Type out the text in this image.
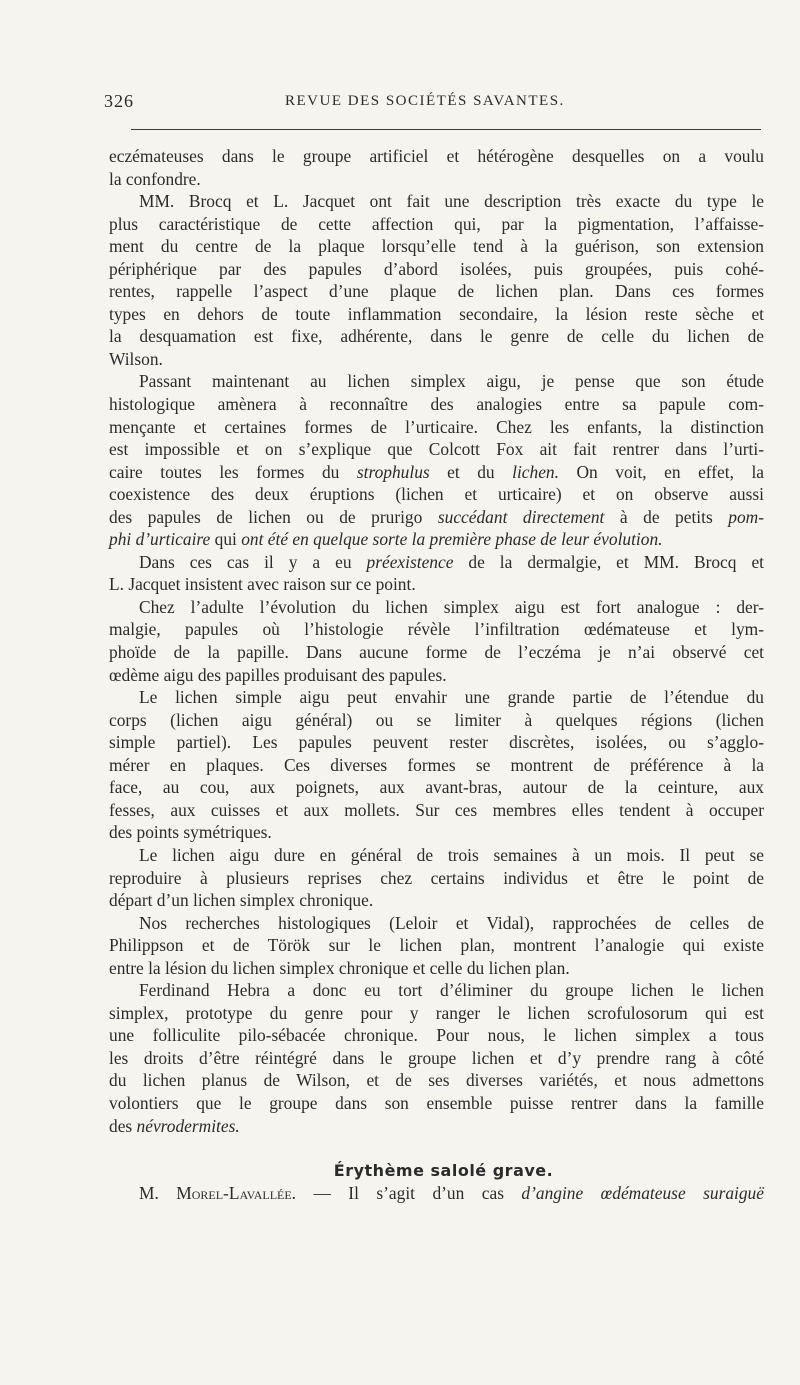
326	REVUE DES SOCIÉTÉS SAVANTES.
eczémateuses dans le groupe artificiel et hétérogène desquelles on a voulu
la confondre.
MM. Brocq et L. Jacquet ont fait une description très exacte du type le
plus caractéristique de cette affection qui, par la pigmentation, l’affaisse-
ment du centre de la plaque lorsqu’elle tend à la guérison, son extension
périphérique par des papules d’abord isolées, puis groupées, puis cohé-
rentes, rappelle l’aspect d’une plaque de lichen plan. Dans ces formes
types en dehors de toute inflammation secondaire, la lésion reste sèche et
la desquamation est fixe, adhérente, dans le genre de celle du lichen de
Wilson.
Passant maintenant au lichen simplex aigu, je pense que son étude
histologique amènera à reconnaître des analogies entre sa papule com-
mençante et certaines formes de l’urticaire. Chez les enfants, la distinction
est impossible et on s’explique que Colcott Fox ait fait rentrer dans l’urti-
caire toutes les formes du strophulus et du lichen. On voit, en effet, la
coexistence des deux éruptions (lichen et urticaire) et on observe aussi
des papules de lichen ou de prurigo succédant directement à de petits pom-
phi d’urticaire qui ont été en quelque sorte la première phase de leur évolution.
Dans ces cas il y a eu préexistence de la dermalgie, et MM. Brocq et
L. Jacquet insistent avec raison sur ce point.
Chez l’adulte l’évolution du lichen simplex aigu est fort analogue : der-
malgie, papules où l’histologie révèle l’infiltration œdémateuse et lym-
phoïde de la papille. Dans aucune forme de l’eczéma je n’ai observé cet
œdème aigu des papilles produisant des papules.
Le lichen simple aigu peut envahir une grande partie de l’étendue du
corps (lichen aigu général) ou se limiter à quelques régions (lichen
simple partiel). Les papules peuvent rester discrètes, isolées, ou s’agglo-
mérer en plaques. Ces diverses formes se montrent de préférence à la
face, au cou, aux poignets, aux avant-bras, autour de la ceinture, aux
fesses, aux cuisses et aux mollets. Sur ces membres elles tendent à occuper
des points symétriques.
Le lichen aigu dure en général de trois semaines à un mois. Il peut se
reproduire à plusieurs reprises chez certains individus et être le point de
départ d’un lichen simplex chronique.
Nos recherches histologiques (Leloir et Vidal), rapprochées de celles de
Philippson et de Török sur le lichen plan, montrent l’analogie qui existe
entre la lésion du lichen simplex chronique et celle du lichen plan.
Ferdinand Hebra a donc eu tort d’éliminer du groupe lichen le lichen
simplex, prototype du genre pour y ranger le lichen scrofulosorum qui est
une folliculite pilo-sébacée chronique. Pour nous, le lichen simplex a tous
les droits d’être réintégré dans le groupe lichen et d’y prendre rang à côté
du lichen planus de Wilson, et de ses diverses variétés, et nous admettons
volontiers que le groupe dans son ensemble puisse rentrer dans la famille
des névrodermites.
Érythème salolé grave.
M. Morel-Lavallée. — Il s’agit d’un cas d’angine œdémateuse suraiguë
